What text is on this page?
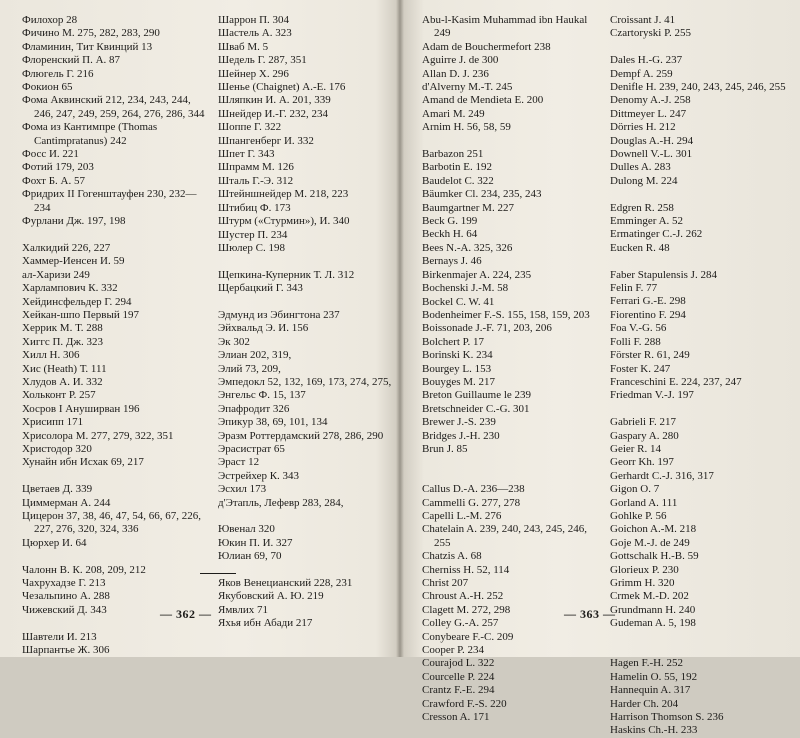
Филохор 28
Фичино М. 275, 282, 283, 290
Фламинин, Тит Квинций 13
Флоренский П. А. 87
Флюгель Г. 216
Фокион 65
Фома Аквинский 212, 234, 243, 244, 246, 247, 249, 259, 264, 276, 286, 344
Фома из Кантимпре (Thomas Cantimpratanus) 242
Фосс И. 221
Фотий 179, 203
Фохт Б. А. 57
Фридрих II Гогенштауфен 230, 232—234
Фурлани Дж. 197, 198
Халкидий 226, 227
Хаммер-Иенсен И. 59
ал-Харизи 249
Харлампович К. 332
Хейдинсфельдер Г. 294
Хейкан-шпо Первый 197
Херрик М. Т. 288
Хиггс П. Дж. 323
Хилл Н. 306
Хис (Heath) Т. 111
Хлудов А. И. 332
Хольконт Р. 257
Хосров I Ануширван 196
Хрисипп 171
Хрисолора М. 277, 279, 322, 351
Христодор 320
Хунайн ибн Исхак 69, 217
Цветаев Д. 339
Циммерман А. 244
Цицерон 37, 38, 46, 47, 54, 66, 67, 226, 227, 276, 320, 324, 336
Цюрхер И. 64
Чалонн В. К. 208, 209, 212
Чахрухадзе Г. 213
Чезальпино А. 288
Чижевский Д. 343
Шавтели И. 213
Шарпантье Ж. 306
Шаррон П. 304
Шастель А. 323
Шваб М. 5
Шедель Г. 287, 351
Шейнер Х. 296
Шенье (Chaignet) А.-Е. 176
Шляпкин И. А. 201, 339
Шнейдер И.-Г. 232, 234
Шоппе Г. 322
Шпангенберг И. 332
Шпет Г. 343
Шпрамм М. 126
Шталь Г.-Э. 312
Штейншнейдер М. 218, 223
Штибиц Ф. 173
Штурм («Стурмин»), И. 340
Шустер П. 234
Шюлер С. 198
Щепкина-Куперник Т. Л. 312
Щербацкий Г. 343
Эдмунд из Эбингтона 237
Эйхвальд Э. И. 156
Эк 302
Элиан 202, 319,
Элий 73, 209,
Эмпедокл 52, 132, 169, 173, 274, 275,
Энгельс Ф. 15, 137
Эпафродит 326
Эпикур 38, 69, 101, 134
Эразм Роттердамский 278, 286, 290
Эрасистрат 65
Эраст 12
Эстрейхер К. 343
Эсхил 173
д'Этапль, Лефевр 283, 284,
Ювенал 320
Юкин П. И. 327
Юлиан 69, 70
Яков Венецианский 228, 231
Якубовский А. Ю. 219
Ямвлих 71
Яхья ибн Абади 217
— 362 —
Abu-l-Kasim Muhammad ibn Haukal 249
Adam de Bouchermefort 238
Aguirre J. de 300
Allan D. J. 236
d'Alverny M.-T. 245
Amand de Mendieta E. 200
Amari M. 249
Arnim H. 56, 58, 59
Barbazon 251
Barbotin E. 192
Baudelot C. 322
Bäumker Cl. 234, 235, 243
Baumgartner M. 227
Beck G. 199
Beckh H. 64
Bees N.-A. 325, 326
Bernays J. 46
Birkenmajer A. 224, 235
Bochenski J.-M. 58
Bockel C. W. 41
Bodenheimer F.-S. 155, 158, 159, 203
Boissonade J.-F. 71, 203, 206
Bolchert P. 17
Borinski K. 234
Bourgey L. 153
Bouyges M. 217
Breton Guillaume le 239
Bretschneider C.-G. 301
Brewer J.-S. 239
Bridges J.-H. 230
Brun J. 85
Callus D.-A. 236—238
Cammelli G. 277, 278
Capelli L.-M. 276
Chatelain A. 239, 240, 243, 245, 246, 255
Chatzis A. 68
Cherniss H. 52, 114
Christ 207
Chroust A.-H. 252
Clagett M. 272, 298
Colley G.-A. 257
Conybeare F.-C. 209
Cooper P. 234
Courajod L. 322
Courcelle P. 224
Crantz F.-E. 294
Crawford F.-S. 220
Cresson A. 171
Croissant J. 41
Czartoryski P. 255
Dales H.-G. 237
Dempf A. 259
Denifle H. 239, 240, 243, 245, 246, 255
Denomy A.-J. 258
Dittmeyer L. 247
Dörries H. 212
Douglas A.-H. 294
Downell V.-L. 301
Dulles A. 283
Dulong M. 224
Edgren R. 258
Emminger A. 52
Ermatinger C.-J. 262
Eucken R. 48
Faber Stapulensis J. 284
Felin F. 77
Ferrari G.-E. 298
Fiorentino F. 294
Foa V.-G. 56
Folli F. 288
Förster R. 61, 249
Foster K. 247
Franceschini E. 224, 237, 247
Friedman V.-J. 197
Gabrieli F. 217
Gaspary A. 280
Geier R. 14
Georr Kh. 197
Gerhardt C.-J. 316, 317
Gigon O. 7
Gorland A. 111
Gohlke P. 56
Goichon A.-M. 218
Goje M.-J. de 249
Gottschalk H.-B. 59
Glorieux P. 230
Grimm H. 320
Crmek M.-D. 202
Grundmann H. 240
Gudeman A. 5, 198
Hagen F.-H. 252
Hamelin O. 55, 192
Hannequin A. 317
Harder Ch. 204
Harrison Thomson S. 236
Haskins Ch.-H. 233
— 363 —
